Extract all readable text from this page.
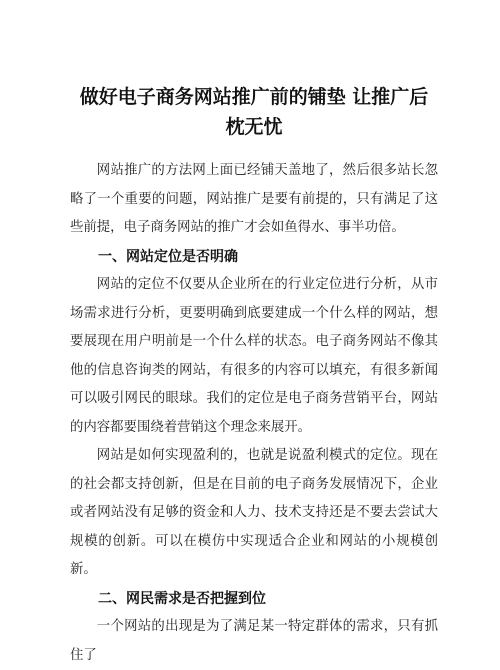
做好电子商务网站推广前的铺垫 让推广后枕无忧

网站推广的方法网上面已经铺天盖地了，然后很多站长忽略了一个重要的问题，网站推广是要有前提的，只有满足了这些前提，电子商务网站的推广才会如鱼得水、事半功倍。

一、网站定位是否明确

网站的定位不仅要从企业所在的行业定位进行分析，从市场需求进行分析，更要明确到底要建成一个什么样的网站，想要展现在用户明前是一个什么样的状态。电子商务网站不像其他的信息咨询类的网站，有很多的内容可以填充，有很多新闻可以吸引网民的眼球。我们的定位是电子商务营销平台，网站的内容都要围绕着营销这个理念来展开。

网站是如何实现盈利的，也就是说盈利模式的定位。现在的社会都支持创新，但是在目前的电子商务发展情况下，企业或者网站没有足够的资金和人力、技术支持还是不要去尝试大规模的创新。可以在模仿中实现适合企业和网站的小规模创新。

二、网民需求是否把握到位

一个网站的出现是为了满足某一特定群体的需求，只有抓住了
